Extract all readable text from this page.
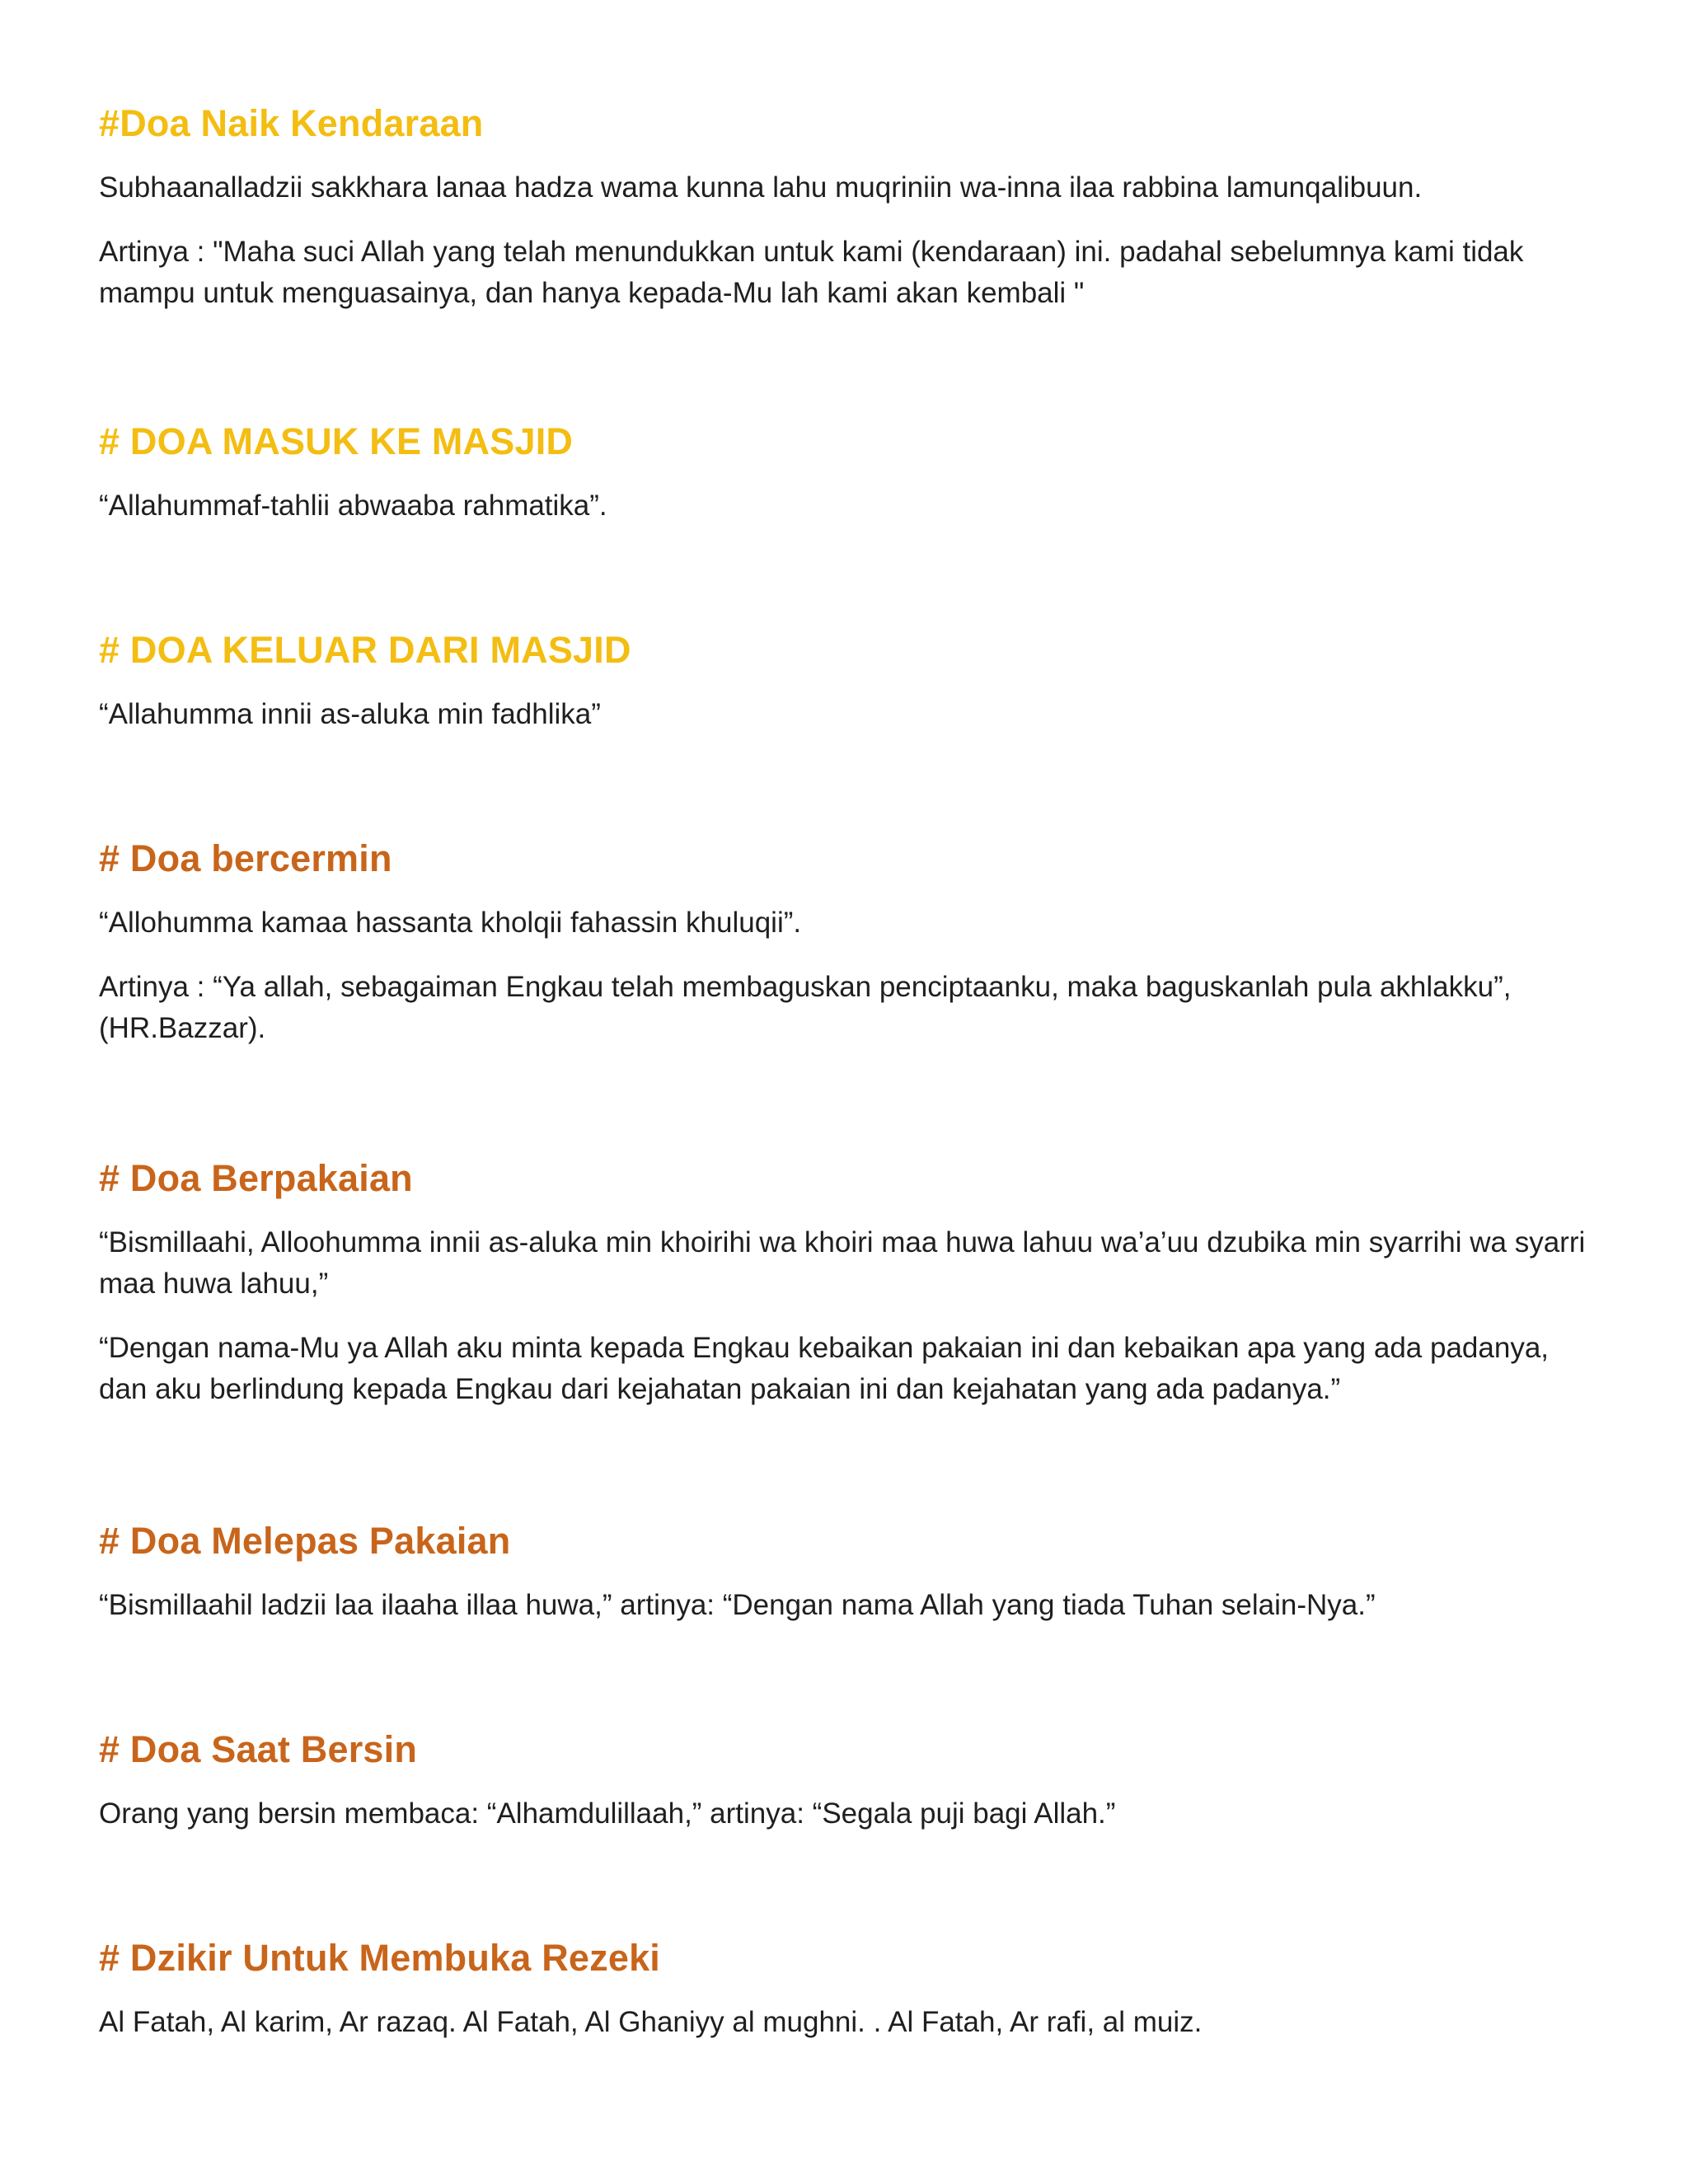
#Doa Naik Kendaraan

Subhaanalladzii sakkhara lanaa hadza wama kunna lahu muqriniin wa-inna ilaa rabbina lamunqalibuun.

Artinya : "Maha suci Allah yang telah menundukkan untuk kami (kendaraan) ini. padahal sebelumnya kami tidak mampu untuk menguasainya, dan hanya kepada-Mu lah kami akan kembali "

# DOA MASUK KE MASJID

“Allahummaf-tahlii abwaaba rahmatika”.

# DOA KELUAR DARI MASJID

“Allahumma innii as-aluka min fadhlika”

# Doa bercermin

“Allohumma kamaa hassanta kholqii fahassin khuluqii”.

Artinya : “Ya allah, sebagaiman Engkau telah membaguskan penciptaanku, maka baguskanlah pula akhlakku”, (HR.Bazzar).

# Doa Berpakaian

“Bismillaahi, Alloohumma innii as-aluka min khoirihi wa khoiri maa huwa lahuu wa’a’uu dzubika min syarrihi wa syarri maa huwa lahuu,”

“Dengan nama-Mu ya Allah aku minta kepada Engkau kebaikan pakaian ini dan kebaikan apa yang ada padanya, dan aku berlindung kepada Engkau dari kejahatan pakaian ini dan kejahatan yang ada padanya.”

# Doa Melepas Pakaian

“Bismillaahil ladzii laa ilaaha illaa huwa,” artinya: “Dengan nama Allah yang tiada Tuhan selain-Nya.”

# Doa Saat Bersin

Orang yang bersin membaca: “Alhamdulillaah,” artinya: “Segala puji bagi Allah.”

# Dzikir Untuk Membuka Rezeki

Al Fatah, Al karim, Ar razaq. Al Fatah, Al Ghaniyy al mughni. . Al Fatah, Ar rafi, al muiz.
